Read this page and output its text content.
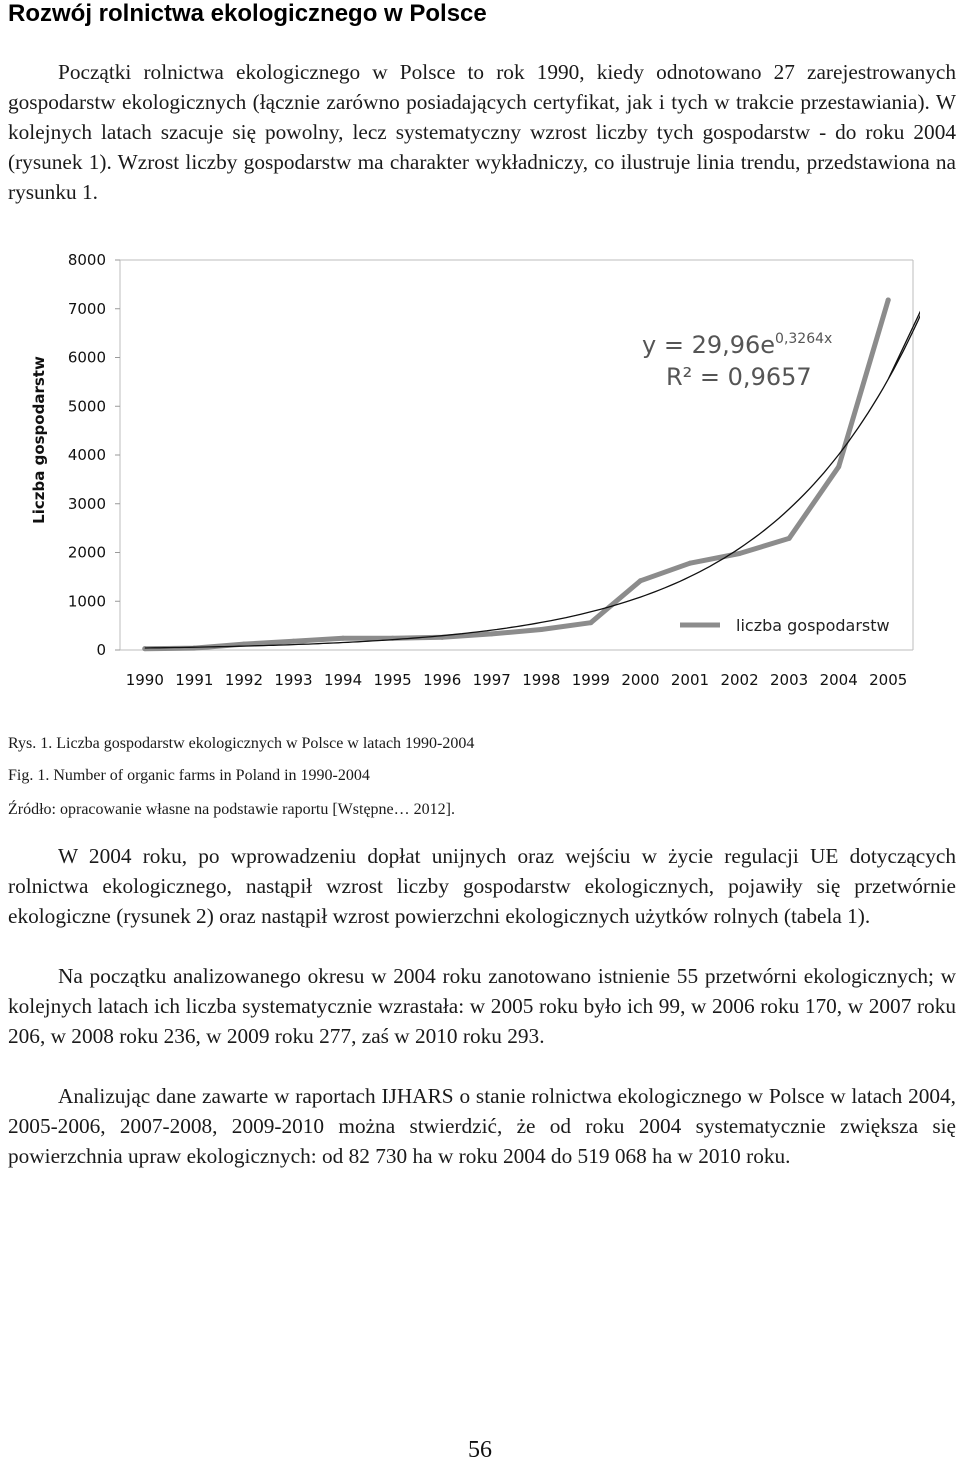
Rozwój rolnictwa ekologicznego w Polsce

Początki rolnictwa ekologicznego w Polsce to rok 1990, kiedy odnotowano 27 zarejestrowanych gospodarstw ekologicznych (łącznie zarówno posiadających certyfikat, jak i tych w trakcie przestawiania). W kolejnych latach szacuje się powolny, lecz systematyczny wzrost liczby tych gospodarstw - do roku 2004 (rysunek 1). Wzrost liczby gospodarstw ma charakter wykładniczy, co ilustruje linia trendu, przedstawiona na rysunku 1.

0
1000
2000
3000
4000
5000
6000
7000
8000
1990 1991 1992 1993 1994 1995 1996 1997 1998 1999 2000 2001 2002 2003 2004 2005
Liczba gospodarstw
$y = 29,96e^{0,3264x}$
R² = 0,9657
liczba gospodarstw

Rys. 1. Liczba gospodarstw ekologicznych w Polsce w latach 1990-2004

Fig. 1. Number of organic farms in Poland in 1990-2004

Źródło: opracowanie własne na podstawie raportu [Wstępne… 2012].

W 2004 roku, po wprowadzeniu dopłat unijnych oraz wejściu w życie regulacji UE dotyczących rolnictwa ekologicznego, nastąpił wzrost liczby gospodarstw ekologicznych, pojawiły się przetwórnie ekologiczne (rysunek 2) oraz nastąpił wzrost powierzchni ekologicznych użytków rolnych (tabela 1).

Na początku analizowanego okresu w 2004 roku zanotowano istnienie 55 przetwórni ekologicznych; w kolejnych latach ich liczba systematycznie wzrastała: w 2005 roku było ich 99, w 2006 roku 170, w 2007 roku 206, w 2008 roku 236, w 2009 roku 277, zaś w 2010 roku 293.

Analizując dane zawarte w raportach IJHARS o stanie rolnictwa ekologicznego w Polsce w latach 2004, 2005-2006, 2007-2008, 2009-2010 można stwierdzić, że od roku 2004 systematycznie zwiększa się powierzchnia upraw ekologicznych: od 82 730 ha w roku 2004 do 519 068 ha w 2010 roku.

56
